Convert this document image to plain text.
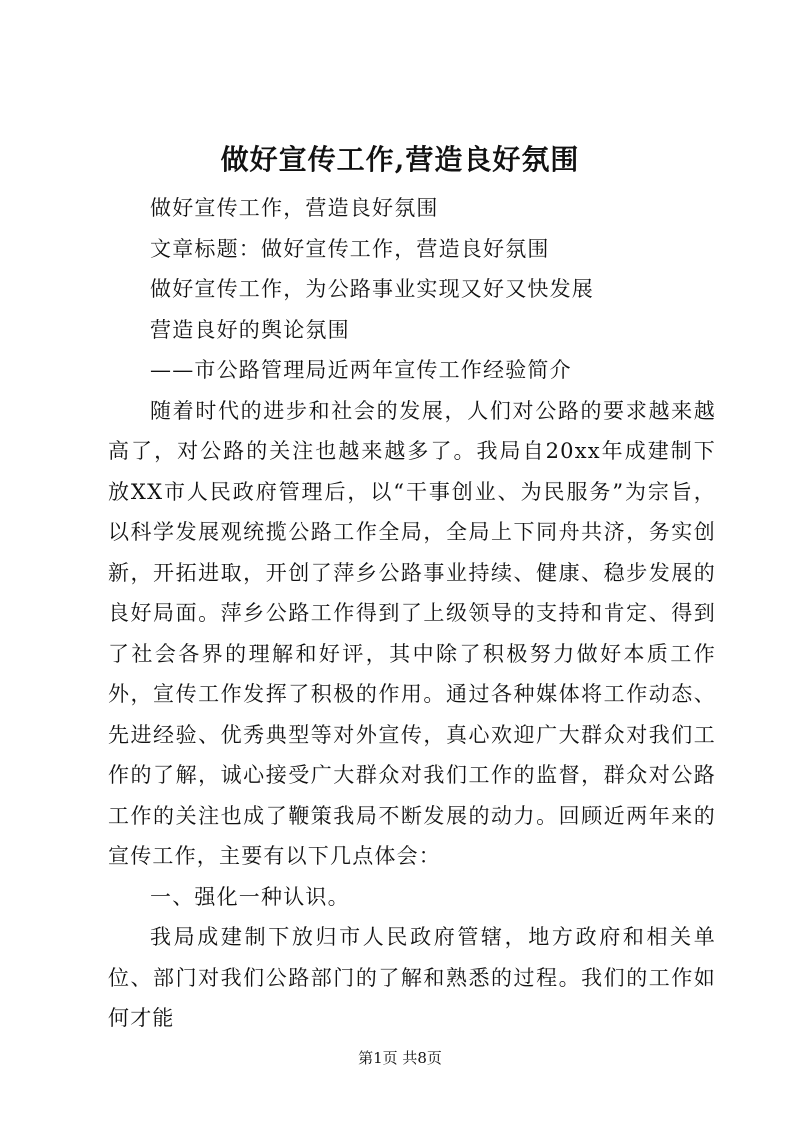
做好宣传工作,营造良好氛围

做好宣传工作，营造良好氛围

文章标题：做好宣传工作，营造良好氛围

做好宣传工作，为公路事业实现又好又快发展

营造良好的舆论氛围

——市公路管理局近两年宣传工作经验简介

随着时代的进步和社会的发展，人们对公路的要求越来越高了，对公路的关注也越来越多了。我局自20xx年成建制下放XX市人民政府管理后，以“干事创业、为民服务”为宗旨，以科学发展观统揽公路工作全局，全局上下同舟共济，务实创新，开拓进取，开创了萍乡公路事业持续、健康、稳步发展的良好局面。萍乡公路工作得到了上级领导的支持和肯定、得到了社会各界的理解和好评，其中除了积极努力做好本质工作外，宣传工作发挥了积极的作用。通过各种媒体将工作动态、先进经验、优秀典型等对外宣传，真心欢迎广大群众对我们工作的了解，诚心接受广大群众对我们工作的监督，群众对公路工作的关注也成了鞭策我局不断发展的动力。回顾近两年来的宣传工作，主要有以下几点体会：

一、强化一种认识。

我局成建制下放归市人民政府管辖，地方政府和相关单位、部门对我们公路部门的了解和熟悉的过程。我们的工作如何才能

第1页 共8页
